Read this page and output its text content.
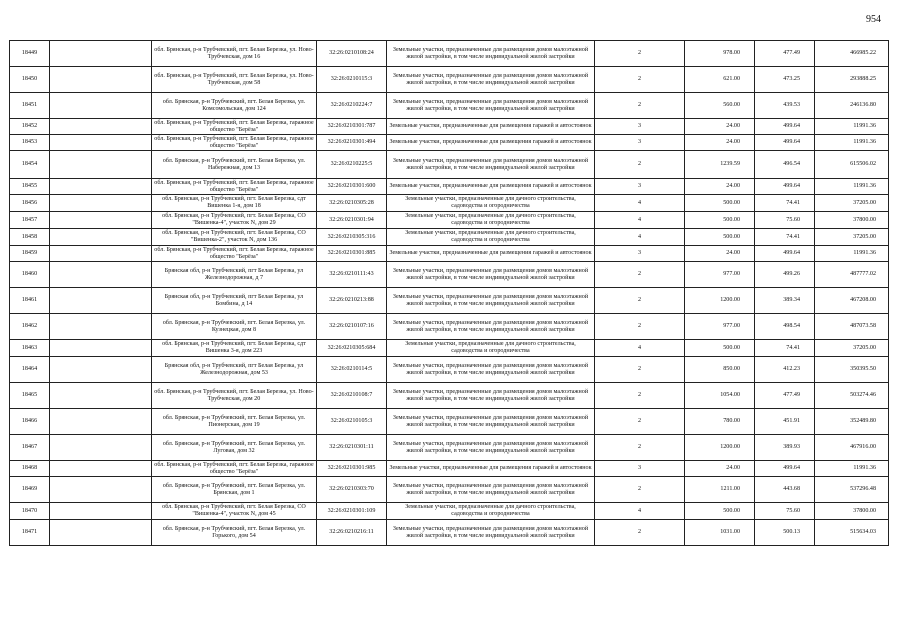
954
18449		обл. Брянская, р-н Трубчевский, пгт. Белая Березка, ул. Ново-Трубчевская, дом 16	32:26:0210108:24	Земельные участки, предназначенные для размещения домов малоэтажной жилой застройки, в том числе индивидуальной жилой застройки	2	978.00	477.49	466985.22
18450		обл. Брянская, р-н Трубчевский, пгт. Белая Березка, ул. Ново-Трубчевская, дом 58	32:26:0210115:3	Земельные участки, предназначенные для размещения домов малоэтажной жилой застройки, в том числе индивидуальной жилой застройки	2	621.00	473.25	293888.25
18451		обл. Брянская, р-н Трубчевский, пгт. Белая Березка, ул. Комсомольская, дом 124	32:26:0210224:7	Земельные участки, предназначенные для размещения домов малоэтажной жилой застройки, в том числе индивидуальной жилой застройки	2	560.00	439.53	246136.80
18452		обл. Брянская, р-н Трубчевский, пгт. Белая Березка, гаражное общество "Берёза"	32:26:0210301:787	Земельные участки, предназначенные для размещения гаражей и автостоянок	3	24.00	499.64	11991.36
18453		обл. Брянская, р-н Трубчевский, пгт. Белая Березка, гаражное общество "Берёза"	32:26:0210301:494	Земельные участки, предназначенные для размещения гаражей и автостоянок	3	24.00	499.64	11991.36
18454		обл. Брянская, р-н Трубчевский, пгт. Белая Березка, ул. Набережная, дом 13	32:26:0210225:5	Земельные участки, предназначенные для размещения домов малоэтажной жилой застройки, в том числе индивидуальной жилой застройки	2	1239.59	496.54	615506.02
18455		обл. Брянская, р-н Трубчевский, пгт. Белая Березка, гаражное общество "Берёза"	32:26:0210301:600	Земельные участки, предназначенные для размещения гаражей и автостоянок	3	24.00	499.64	11991.36
18456		обл. Брянская, р-н Трубчевский, пгт. Белая Березка, сдт Вишенка 1-я, дом 18	32:26:0210305:28	Земельные участки, предназначенные для дачного строительства, садоводства и огородничества	4	500.00	74.41	37205.00
18457		обл. Брянская, р-н Трубчевский, пгт. Белая Березка, СО "Вишенка-4", участок N, дом 29	32:26:0210301:94	Земельные участки, предназначенные для дачного строительства, садоводства и огородничества	4	500.00	75.60	37800.00
18458		обл. Брянская, р-н Трубчевский, пгт. Белая Березка, СО "Вишенка-2", участок N, дом 136	32:26:0210305:316	Земельные участки, предназначенные для дачного строительства, садоводства и огородничества	4	500.00	74.41	37205.00
18459		обл. Брянская, р-н Трубчевский, пгт. Белая Березка, гаражное общество "Берёза"	32:26:0210301:885	Земельные участки, предназначенные для размещения гаражей и автостоянок	3	24.00	499.64	11991.36
18460		Брянская обл, р-н Трубчевский, пгт Белая Березка, ул Железнодорожная, д 7	32:26:0210111:43	Земельные участки, предназначенные для размещения домов малоэтажной жилой застройки, в том числе индивидуальной жилой застройки	2	977.00	499.26	487777.02
18461		Брянская обл, р-н Трубчевский, пгт Белая Березка, ул Бомбина, д 14	32:26:0210213:88	Земельные участки, предназначенные для размещения домов малоэтажной жилой застройки, в том числе индивидуальной жилой застройки	2	1200.00	389.34	467208.00
18462		обл. Брянская, р-н Трубчевский, пгт. Белая Березка, ул. Кузнецкая, дом 8	32:26:0210107:16	Земельные участки, предназначенные для размещения домов малоэтажной жилой застройки, в том числе индивидуальной жилой застройки	2	977.00	498.54	487073.58
18463		обл. Брянская, р-н Трубчевский, пгт. Белая Березка, сдт Вишенка 3-я, дом 223	32:26:0210305:684	Земельные участки, предназначенные для дачного строительства, садоводства и огородничества	4	500.00	74.41	37205.00
18464		Брянская обл, р-н Трубчевский, пгт Белая Березка, ул Железнодорожная, дом 53	32:26:0210114:5	Земельные участки, предназначенные для размещения домов малоэтажной жилой застройки, в том числе индивидуальной жилой застройки	2	850.00	412.23	350395.50
18465		обл. Брянская, р-н Трубчевский, пгт. Белая Березка, ул. Ново-Трубчевская, дом 20	32:26:0210108:7	Земельные участки, предназначенные для размещения домов малоэтажной жилой застройки, в том числе индивидуальной жилой застройки	2	1054.00	477.49	503274.46
18466		обл. Брянская, р-н Трубчевский, пгт. Белая Березка, ул. Пионерская, дом 19	32:26:0210105:3	Земельные участки, предназначенные для размещения домов малоэтажной жилой застройки, в том числе индивидуальной жилой застройки	2	780.00	451.91	352489.80
18467		обл. Брянская, р-н Трубчевский, пгт. Белая Березка, ул. Луговая, дом 32	32:26:0210301:11	Земельные участки, предназначенные для размещения домов малоэтажной жилой застройки, в том числе индивидуальной жилой застройки	2	1200.00	389.93	467916.00
18468		обл. Брянская, р-н Трубчевский, пгт. Белая Березка, гаражное общество "Берёза"	32:26:0210301:985	Земельные участки, предназначенные для размещения гаражей и автостоянок	3	24.00	499.64	11991.36
18469		обл. Брянская, р-н Трубчевский, пгт. Белая Березка, ул. Брянская, дом 1	32:26:0210303:70	Земельные участки, предназначенные для размещения домов малоэтажной жилой застройки, в том числе индивидуальной жилой застройки	2	1211.00	443.68	537296.48
18470		обл. Брянская, р-н Трубчевский, пгт. Белая Березка, СО "Вишенка-4", участок N, дом 45	32:26:0210301:109	Земельные участки, предназначенные для дачного строительства, садоводства и огородничества	4	500.00	75.60	37800.00
18471		обл. Брянская, р-н Трубчевский, пгт. Белая Березка, ул. Горького, дом 54	32:26:0210216:11	Земельные участки, предназначенные для размещения домов малоэтажной жилой застройки, в том числе индивидуальной жилой застройки	2	1031.00	500.13	515634.03
